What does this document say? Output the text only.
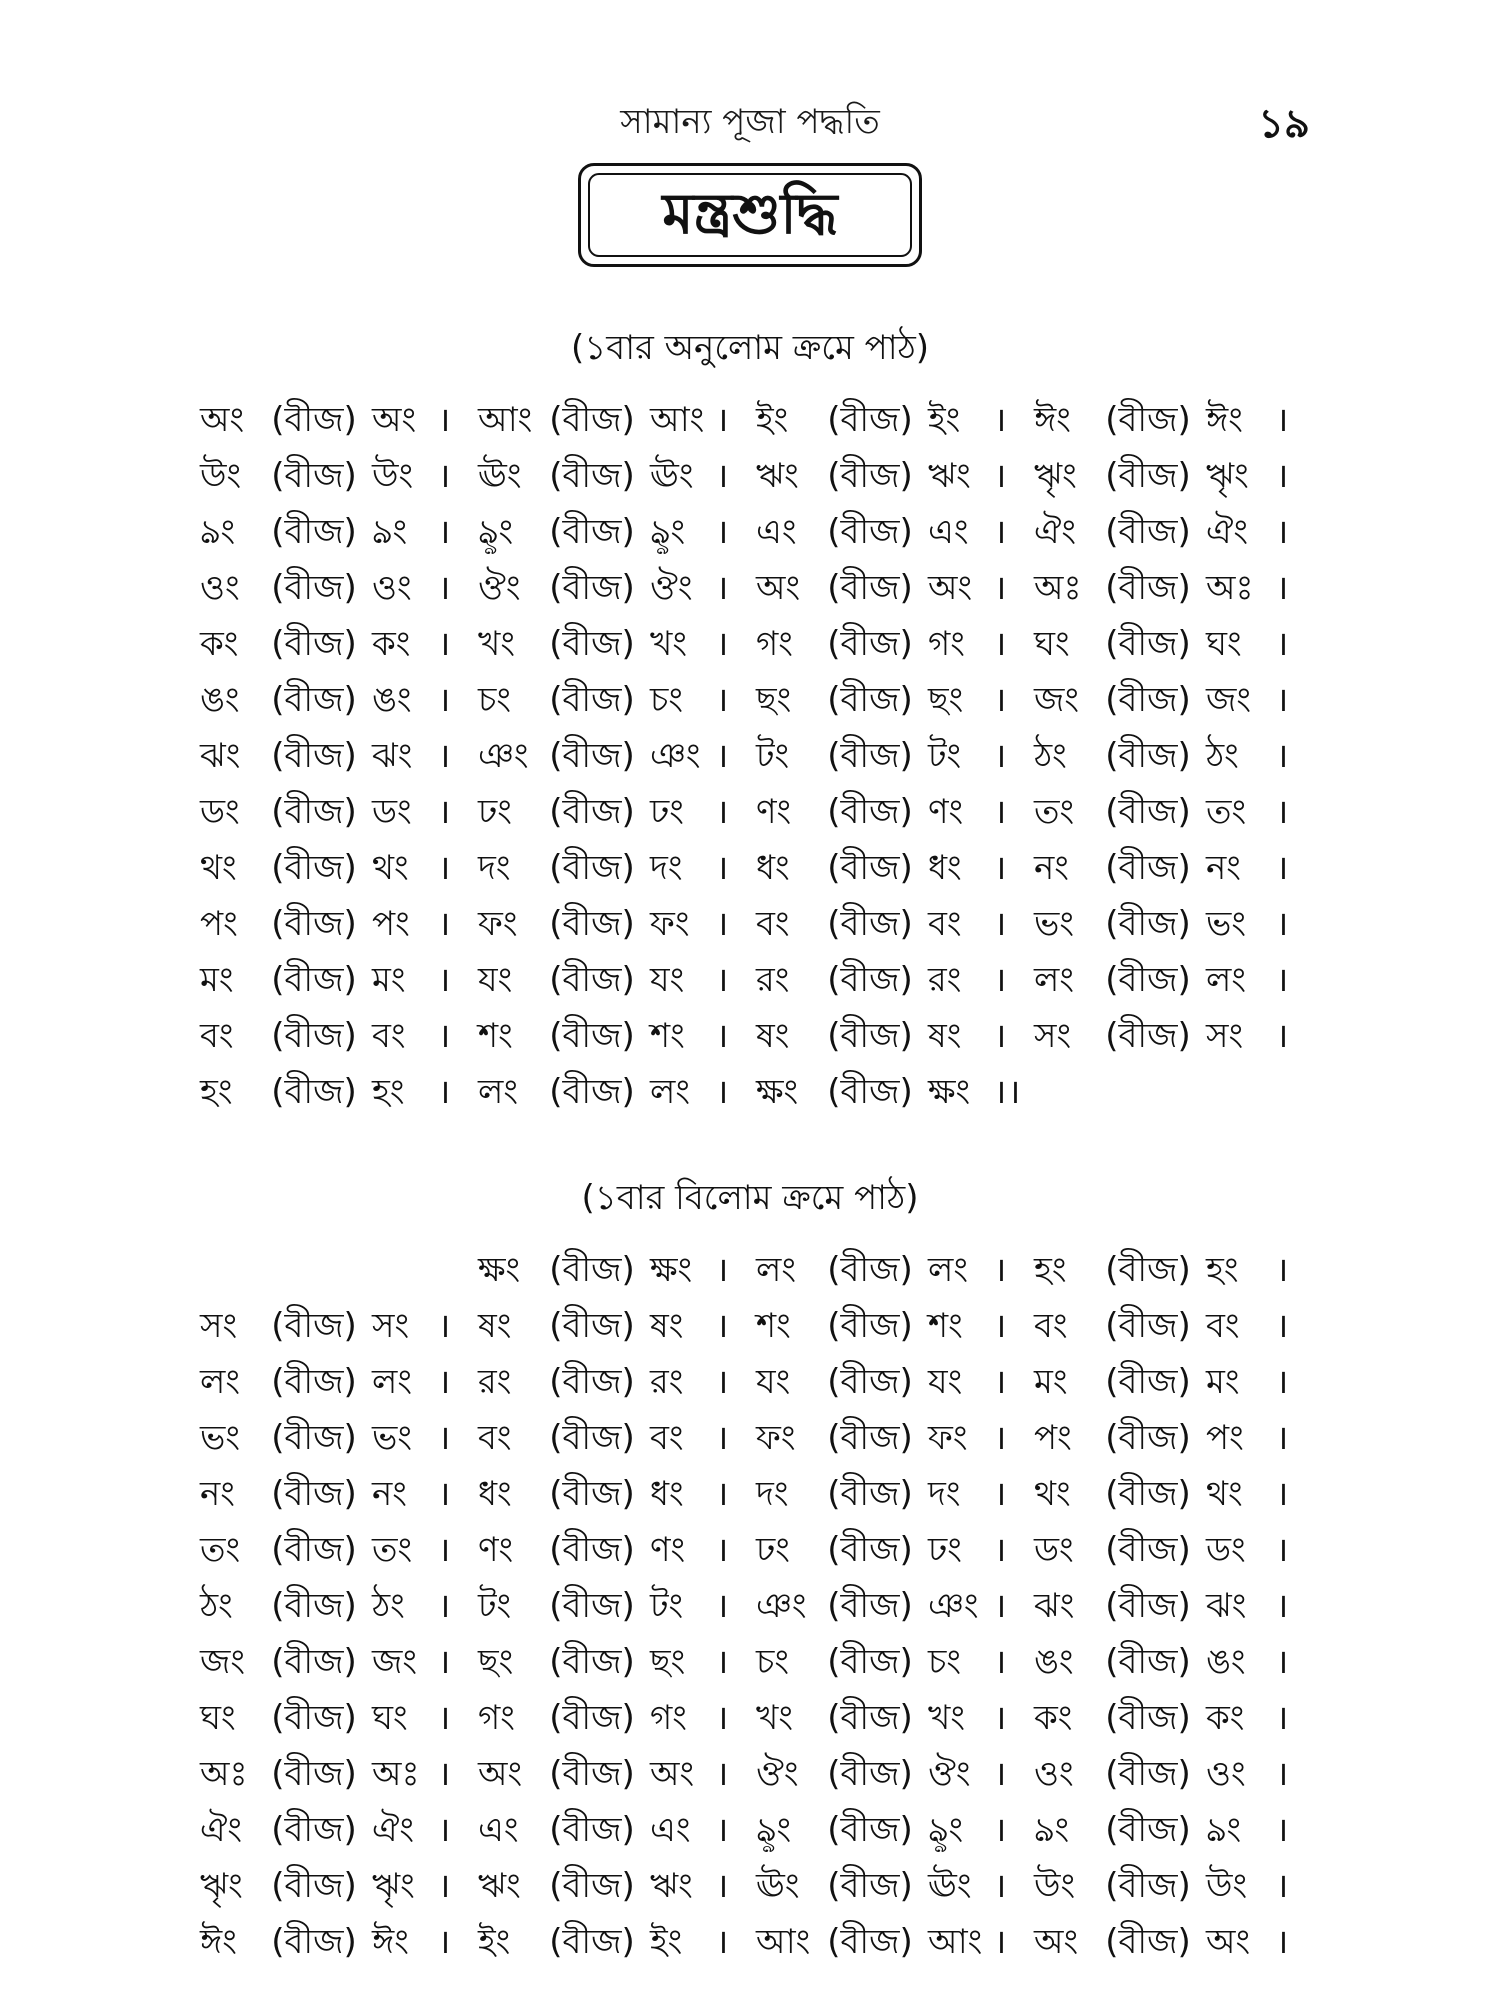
সামান্য পূজা পদ্ধতি	১৯
মন্ত্রশুদ্ধি
(১বার অনুলোম ক্রমে পাঠ)
অং (বীজ) অং । আং (বীজ) আং । ইং (বীজ) ইং । ঈং (বীজ) ঈং ।
উং (বীজ) উং । ঊং (বীজ) ঊং । ঋং (বীজ) ঋং । ৠং (বীজ) ৠং ।
ঌং (বীজ) ঌং । ৡং (বীজ) ৡং । এং (বীজ) এং । ঐং (বীজ) ঐং ।
ওং (বীজ) ওং । ঔং (বীজ) ঔং । অং (বীজ) অং । অঃ (বীজ) অঃ ।
কং (বীজ) কং । খং (বীজ) খং । গং (বীজ) গং । ঘং (বীজ) ঘং ।
ঙং (বীজ) ঙং । চং (বীজ) চং । ছং (বীজ) ছং । জং (বীজ) জং ।
ঝং (বীজ) ঝং । ঞং (বীজ) ঞং । টং (বীজ) টং । ঠং (বীজ) ঠং	।
ডং (বীজ) ডং । ঢং (বীজ) ঢং । ণং (বীজ) ণং । তং (বীজ) তং ।
থং (বীজ) থং । দং (বীজ) দং । ধং (বীজ) ধং । নং (বীজ) নং	।
পং (বীজ) পং । ফং (বীজ) ফং । বং (বীজ) বং । ভং (বীজ) ভং ।
মং (বীজ) মং । যং (বীজ) যং । রং (বীজ) রং । লং (বীজ) লং ।
বং (বীজ) বং । শং (বীজ) শং । ষং (বীজ) ষং । সং (বীজ) সং ।
হং (বীজ) হং । লং (বীজ) লং । ক্ষং (বীজ) ক্ষং । ।
(১বার বিলোম ক্রমে পাঠ)
ক্ষং (বীজ) ক্ষং । লং (বীজ) লং । হং (বীজ) হং	।
সং (বীজ) সং । ষং (বীজ) ষং । শং (বীজ) শং । বং (বীজ) বং	।
লং (বীজ) লং । রং (বীজ) রং । যং (বীজ) যং । মং (বীজ) মং	।
ভং (বীজ) ভং । বং (বীজ) বং । ফং (বীজ) ফং । পং (বীজ) পং ।
নং (বীজ) নং । ধং (বীজ) ধং । দং (বীজ) দং । থং (বীজ) থং ।
তং (বীজ) তং । ণং (বীজ) ণং । ঢং (বীজ) ঢং । ডং (বীজ) ডং ।
ঠং (বীজ) ঠং । টং (বীজ) টং । ঞং (বীজ) ঞং । ঝং (বীজ) ঝং ।
জং (বীজ) জং । ছং (বীজ) ছং । চং (বীজ) চং । ঙং (বীজ) ঙং ।
ঘং (বীজ) ঘং । গং (বীজ) গং । খং (বীজ) খং । কং (বীজ) কং ।
অঃ (বীজ) অঃ । অং (বীজ) অং । ঔং (বীজ) ঔং । ওং (বীজ) ওং ।
ঐং (বীজ) ঐং । এং (বীজ) এং । ৡং (বীজ) ৡং । ঌং (বীজ) ঌং	।
ৠং (বীজ) ৠং । ঋং (বীজ) ঋং । ঊং (বীজ) ঊং । উং (বীজ) উং ।
ঈং (বীজ) ঈং । ইং (বীজ) ইং । আং (বীজ) আং । অং (বীজ) অং ।
